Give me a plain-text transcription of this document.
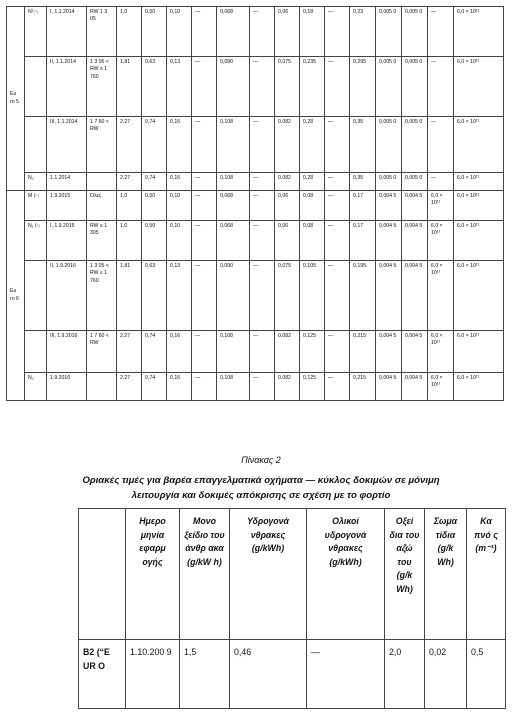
Eu ro 5	N¹$^{(^{6)})}$	I, 1.1.2014	RW 1 3 05	1,0	0,50	0,10	—	0,068	—	0,06	0,18	—	0,23	0,005 0	0,005 0	—	6,0 × 10¹¹
		II, 1.1.2014	1 3 05 < RW ≤ 1 760	1,81	0,63	0,13	—	0,090	—	0,075	0,235	—	0,295	0,005 0	0,005 0	—	6,0 × 10¹¹
		III, 1.1.2014	1 7 60 < RW	2,27	0,74	0,16	—	0,108	—	0,082	0,28	—	0,35	0,005 0	0,005 0	—	6,0 × 10¹¹
	N₂	1.1.2014		2,27	0,74	0,16	—	0,108	—	0,082	0,28	—	0,35	0,005 0	0,005 0	—	6,0 × 10¹¹
Eu ro 6	M ($^{^{6)})}$	1.9.2015	Όλες	1,0	0,50	0,10	—	0,068	—	0,06	0,08	—	0,17	0,004 5	0,004 5	6,0 × 10¹¹	6,0 × 10¹¹
	N₁ ($^{^{6)})}$	I, 1.9.2015	RW ≤ 1 305	1,0	0,50	0,10	—	0,068	—	0,06	0,08	—	0,17	0,004 5	0,004 5	6,0 × 10¹¹	6,0 × 10¹¹
		II, 1.9.2016	1 3 05 < RW ≤ 1 760	1,81	0,63	0,13	—	0,090	—	0,075	0,105	—	0,195	0,004 5	0,004 5	6,0 × 10¹¹	6,0 × 10¹¹
		III, 1.9.2016	1 7 60 < RW	2,27	0,74	0,16	—	0,108	—	0,082	0,125	—	0,215	0,004 5	0,004 5	6,0 × 10¹¹	6,0 × 10¹¹
	N₂	1.9.2016		2,27	0,74	0,16	—	0,108	—	0,082	0,125	—	0,215	0,004 5	0,004 5	6,0 × 10¹¹	6,0 × 10¹¹
Πίνακας 2
Οριακές τιμές για βαρέα επαγγελματικά οχήματα — κύκλος δοκιμών σε μόνιμη
λειτουργία και δοκιμές απόκρισης σε σχέση με το φορτίο
	Ημερο μηνία εφαρμ ογής	Μονο ξείδιο του άνθρ ακα (g/kW h)	Υδρογονά νθρακες (g/kWh)	Ολικοί υδρογονά νθρακες (g/kWh)	Οξεί δια του αζώ του (g/k Wh)	Σωμα τίδια (g/k Wh)	Κα πνό ς (m⁻¹)
B2 (“E UR O	1.10.200 9	1,5	0,46	—	2,0	0,02	0,5
